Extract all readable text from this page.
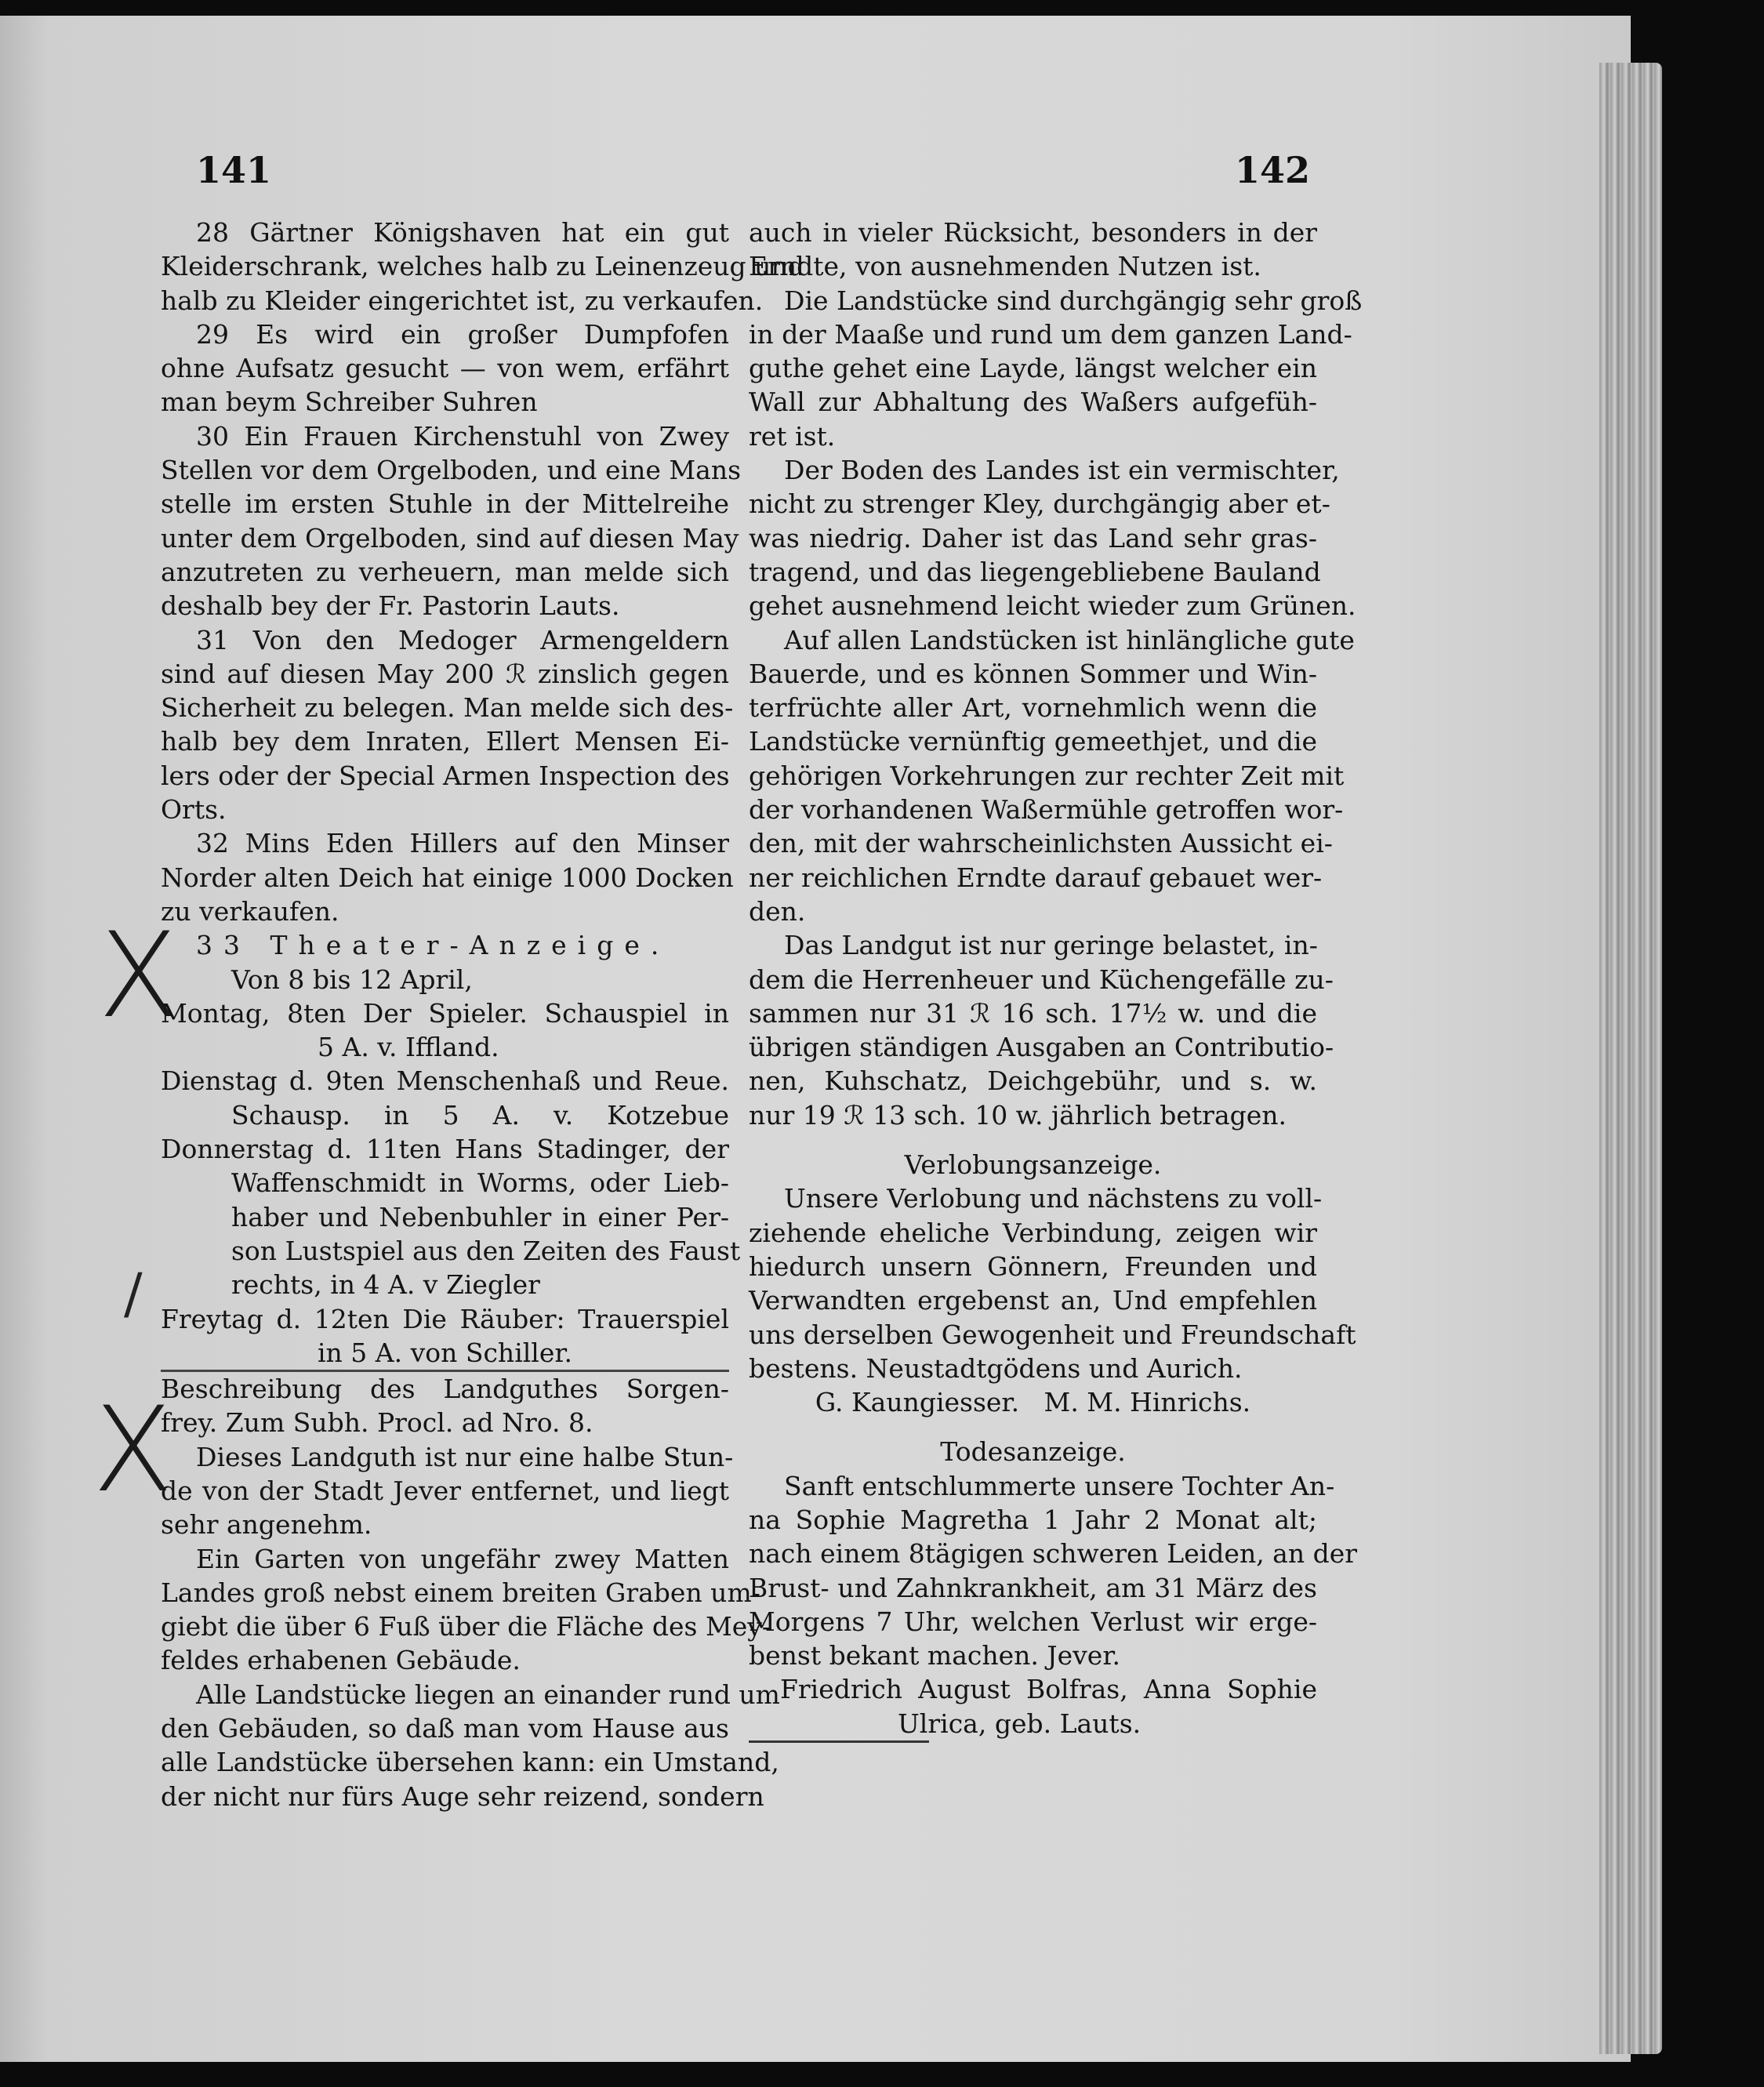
141	142
X
X
/
28 Gärtner Königshaven hat ein gut
Kleiderschrank, welches halb zu Leinenzeug und
halb zu Kleider eingerichtet ist, zu verkaufen.
29 Es wird ein großer Dumpfofen
ohne Aufsatz gesucht — von wem, erfährt
man beym Schreiber Suhren
30 Ein Frauen Kirchenstuhl von Zwey
Stellen vor dem Orgelboden, und eine Mans
stelle im ersten Stuhle in der Mittelreihe
unter dem Orgelboden, sind auf diesen May
anzutreten zu verheuern, man melde sich
deshalb bey der Fr. Pastorin Lauts.
31 Von den Medoger Armengeldern
sind auf diesen May 200 ℛ zinslich gegen
Sicherheit zu belegen. Man melde sich des-
halb bey dem Inraten, Ellert Mensen Ei-
lers oder der Special Armen Inspection des
Orts.
32 Mins Eden Hillers auf den Minser
Norder alten Deich hat einige 1000 Docken
zu verkaufen.
33 Theater-Anzeige.
Von 8 bis 12 April,
Montag, 8ten Der Spieler. Schauspiel in
5 A. v. Iffland.
Dienstag d. 9ten Menschenhaß und Reue.
Schausp. in 5 A. v. Kotzebue
Donnerstag d. 11ten Hans Stadinger, der
Waffenschmidt in Worms, oder Lieb-
haber und Nebenbuhler in einer Per-
son Lustspiel aus den Zeiten des Faust
rechts, in 4 A. v Ziegler
Freytag d. 12ten Die Räuber: Trauerspiel
in 5 A. von Schiller.
Beschreibung des Landguthes Sorgen-
frey. Zum Subh. Procl. ad Nro. 8.
Dieses Landguth ist nur eine halbe Stun-
de von der Stadt Jever entfernet, und liegt
sehr angenehm.
Ein Garten von ungefähr zwey Matten
Landes groß nebst einem breiten Graben um-
giebt die über 6 Fuß über die Fläche des Mey-
feldes erhabenen Gebäude.
Alle Landstücke liegen an einander rund um
den Gebäuden, so daß man vom Hause aus
alle Landstücke übersehen kann: ein Umstand,
der nicht nur fürs Auge sehr reizend, sondern
auch in vieler Rücksicht, besonders in der
Erndte, von ausnehmenden Nutzen ist.
Die Landstücke sind durchgängig sehr groß
in der Maaße und rund um dem ganzen Land-
guthe gehet eine Layde, längst welcher ein
Wall zur Abhaltung des Waßers aufgefüh-
ret ist.
Der Boden des Landes ist ein vermischter,
nicht zu strenger Kley, durchgängig aber et-
was niedrig. Daher ist das Land sehr gras-
tragend, und das liegengebliebene Bauland
gehet ausnehmend leicht wieder zum Grünen.
Auf allen Landstücken ist hinlängliche gute
Bauerde, und es können Sommer und Win-
terfrüchte aller Art, vornehmlich wenn die
Landstücke vernünftig gemeethjet, und die
gehörigen Vorkehrungen zur rechter Zeit mit
der vorhandenen Waßermühle getroffen wor-
den, mit der wahrscheinlichsten Aussicht ei-
ner reichlichen Erndte darauf gebauet wer-
den.
Das Landgut ist nur geringe belastet, in-
dem die Herrenheuer und Küchengefälle zu-
sammen nur 31 ℛ 16 sch. 17½ w. und die
übrigen ständigen Ausgaben an Contributio-
nen, Kuhschatz, Deichgebühr, und s. w.
nur 19 ℛ 13 sch. 10 w. jährlich betragen.
Verlobungsanzeige.
Unsere Verlobung und nächstens zu voll-
ziehende eheliche Verbindung, zeigen wir
hiedurch unsern Gönnern, Freunden und
Verwandten ergebenst an, Und empfehlen
uns derselben Gewogenheit und Freundschaft
bestens. Neustadtgödens und Aurich.
G. Kaungiesser.   M. M. Hinrichs.
Todesanzeige.
Sanft entschlummerte unsere Tochter An-
na Sophie Magretha 1 Jahr 2 Monat alt;
nach einem 8tägigen schweren Leiden, an der
Brust- und Zahnkrankheit, am 31 März des
Morgens 7 Uhr, welchen Verlust wir erge-
benst bekant machen. Jever.
Friedrich August Bolfras, Anna Sophie
Ulrica, geb. Lauts.
